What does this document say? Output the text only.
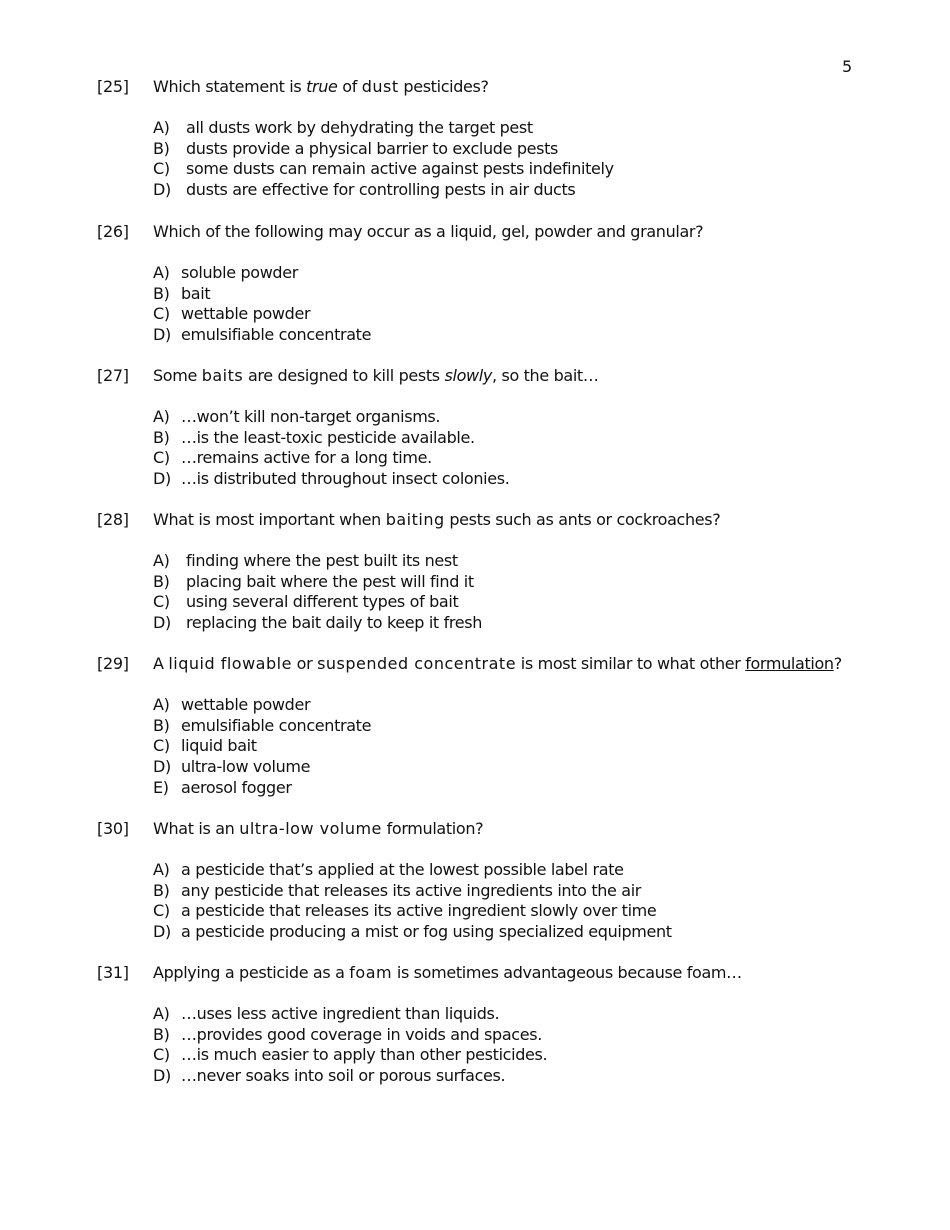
5
[25] Which statement is true of dust pesticides?
A)	all dusts work by dehydrating the target pest
B)	dusts provide a physical barrier to exclude pests
C)	some dusts can remain active against pests indefinitely
D) dusts are effective for controlling pests in air ducts
[26] Which of the following may occur as a liquid, gel, powder and granular?
A) soluble powder
B) bait
C) wettable powder
D) emulsifiable concentrate
[27] Some baits are designed to kill pests slowly, so the bait…
A) …won’t kill non-target organisms.
B) …is the least-toxic pesticide available.
C) …remains active for a long time.
D) …is distributed throughout insect colonies.
[28] What is most important when baiting pests such as ants or cockroaches?
A)	finding where the pest built its nest
B)	placing bait where the pest will find it
C)	using several different types of bait
D) replacing the bait daily to keep it fresh
[29] A liquid flowable or suspended concentrate is most similar to what other formulation?
A) wettable powder
B) emulsifiable concentrate
C) liquid bait
D) ultra-low volume
E) aerosol fogger
[30] What is an ultra-low volume formulation?
A) a pesticide that’s applied at the lowest possible label rate
B) any pesticide that releases its active ingredients into the air
C) a pesticide that releases its active ingredient slowly over time
D) a pesticide producing a mist or fog using specialized equipment
[31] Applying a pesticide as a foam is sometimes advantageous because foam…
A) …uses less active ingredient than liquids.
B) …provides good coverage in voids and spaces.
C) …is much easier to apply than other pesticides.
D) …never soaks into soil or porous surfaces.
